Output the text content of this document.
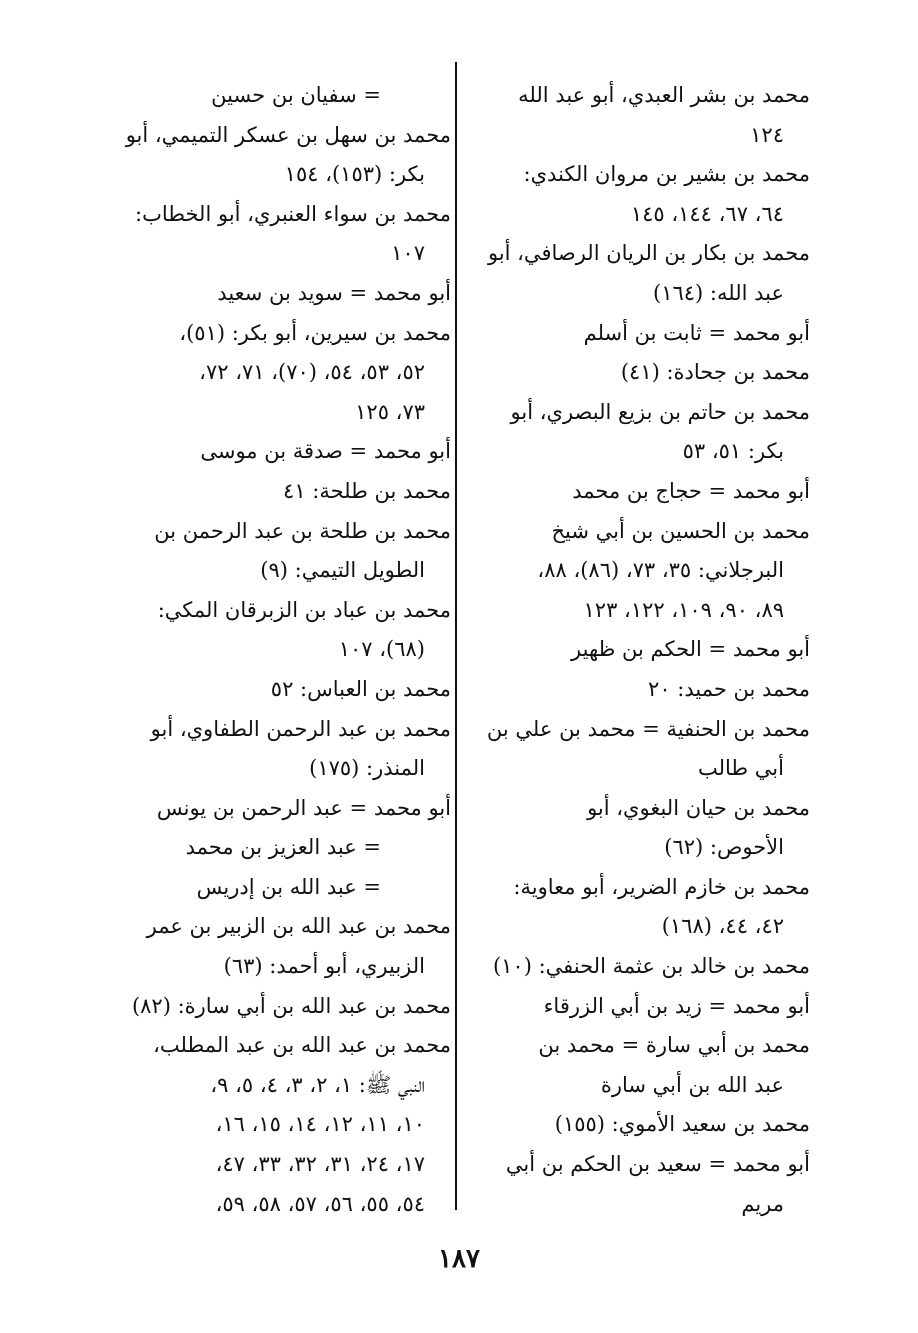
محمد بن بشر العبدي، أبو عبد الله
١٢٤
محمد بن بشير بن مروان الكندي:
٦٤، ٦٧، ١٤٤، ١٤٥
محمد بن بكار بن الريان الرصافي، أبو
عبد الله: (١٦٤)
أبو محمد = ثابت بن أسلم
محمد بن جحادة: (٤١)
محمد بن حاتم بن بزيع البصري، أبو
بكر: ٥١، ٥٣
أبو محمد = حجاج بن محمد
محمد بن الحسين بن أبي شيخ
البرجلاني: ٣٥، ٧٣، (٨٦)، ٨٨،
٨٩، ٩٠، ١٠٩، ١٢٢، ١٢٣
أبو محمد = الحكم بن ظهير
محمد بن حميد: ٢٠
محمد بن الحنفية = محمد بن علي بن
أبي طالب
محمد بن حيان البغوي، أبو
الأحوص: (٦٢)
محمد بن خازم الضرير، أبو معاوية:
٤٢، ٤٤، (١٦٨)
محمد بن خالد بن عثمة الحنفي: (١٠)
أبو محمد = زيد بن أبي الزرقاء
محمد بن أبي سارة = محمد بن
عبد الله بن أبي سارة
محمد بن سعيد الأموي: (١٥٥)
أبو محمد = سعيد بن الحكم بن أبي
مريم
= سفيان بن حسين
محمد بن سهل بن عسكر التميمي، أبو
بكر: (١٥٣)، ١٥٤
محمد بن سواء العنبري، أبو الخطاب:
١٠٧
أبو محمد = سويد بن سعيد
محمد بن سيرين، أبو بكر: (٥١)،
٥٢، ٥٣، ٥٤، (٧٠)، ٧١، ٧٢،
٧٣، ١٢٥
أبو محمد = صدقة بن موسى
محمد بن طلحة: ٤١
محمد بن طلحة بن عبد الرحمن بن
الطويل التيمي: (٩)
محمد بن عباد بن الزبرقان المكي:
(٦٨)، ١٠٧
محمد بن العباس: ٥٢
محمد بن عبد الرحمن الطفاوي، أبو
المنذر: (١٧٥)
أبو محمد = عبد الرحمن بن يونس
= عبد العزيز بن محمد
= عبد الله بن إدريس
محمد بن عبد الله بن الزبير بن عمر
الزبيري، أبو أحمد: (٦٣)
محمد بن عبد الله بن أبي سارة: (٨٢)
محمد بن عبد الله بن عبد المطلب،
النبي ﷺ: ١، ٢، ٣، ٤، ٥، ٩،
١٠، ١١، ١٢، ١٤، ١٥، ١٦،
١٧، ٢٤، ٣١، ٣٢، ٣٣، ٤٧،
٥٤، ٥٥، ٥٦، ٥٧، ٥٨، ٥٩،
١٨٧
